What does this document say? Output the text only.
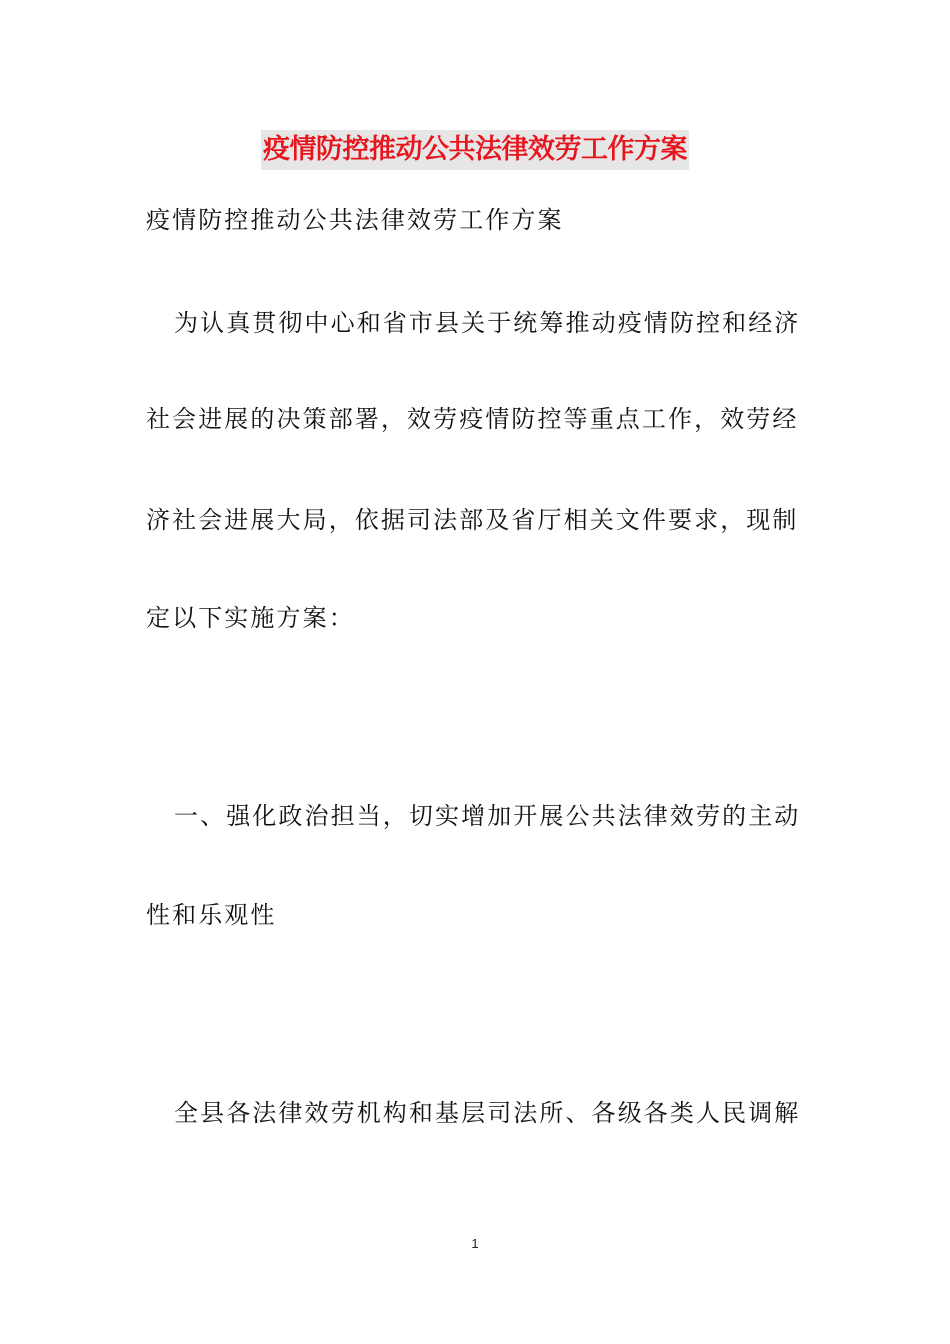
疫情防控推动公共法律效劳工作方案
疫情防控推动公共法律效劳工作方案
为认真贯彻中心和省市县关于统筹推动疫情防控和经济
社会进展的决策部署，效劳疫情防控等重点工作，效劳经
济社会进展大局，依据司法部及省厅相关文件要求，现制
定以下实施方案：
一、强化政治担当，切实增加开展公共法律效劳的主动
性和乐观性
全县各法律效劳机构和基层司法所、各级各类人民调解
1
